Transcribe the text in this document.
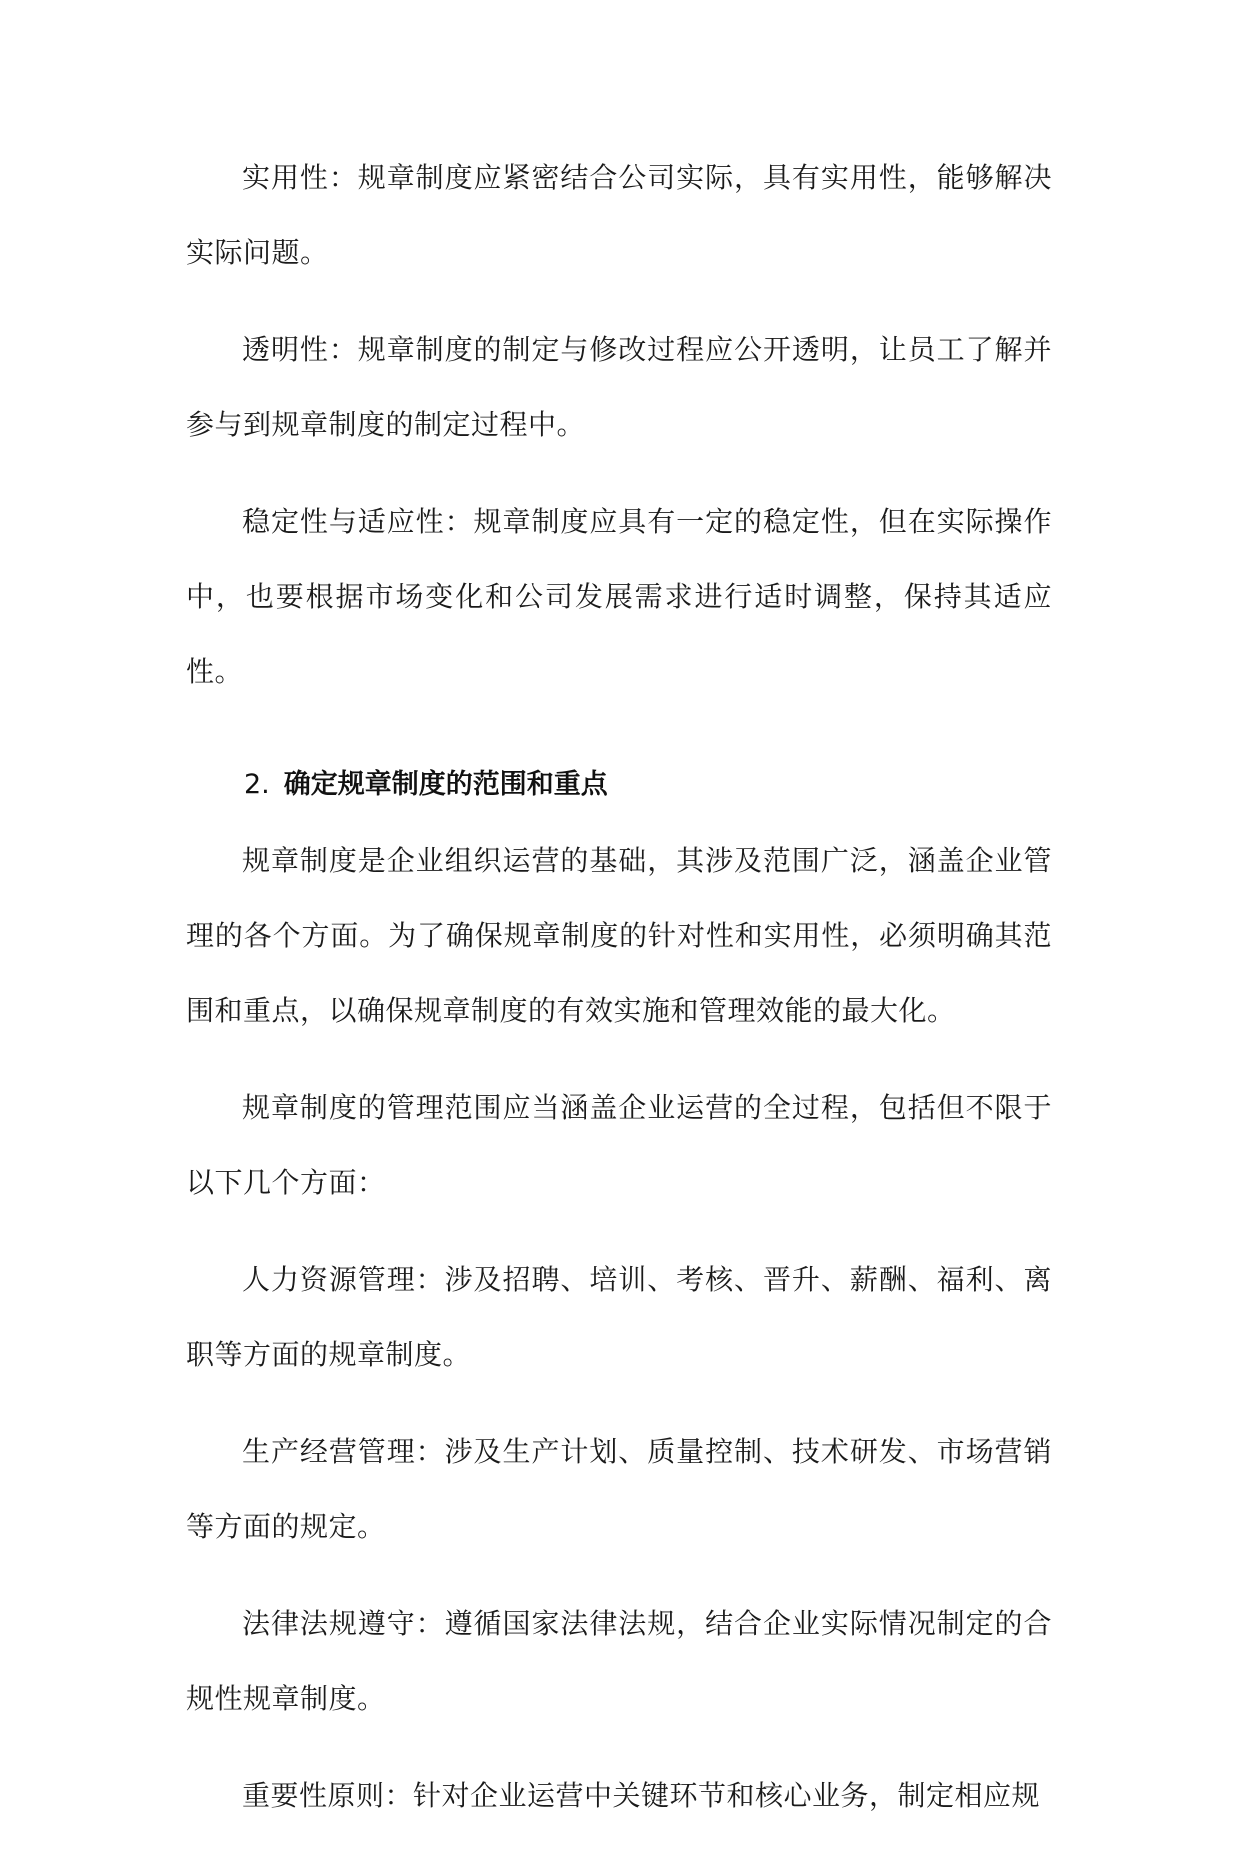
实用性：规章制度应紧密结合公司实际，具有实用性，能够解决实际问题。

透明性：规章制度的制定与修改过程应公开透明，让员工了解并参与到规章制度的制定过程中。

稳定性与适应性：规章制度应具有一定的稳定性，但在实际操作中，也要根据市场变化和公司发展需求进行适时调整，保持其适应性。

2. 确定规章制度的范围和重点

规章制度是企业组织运营的基础，其涉及范围广泛，涵盖企业管理的各个方面。为了确保规章制度的针对性和实用性，必须明确其范围和重点，以确保规章制度的有效实施和管理效能的最大化。

规章制度的管理范围应当涵盖企业运营的全过程，包括但不限于以下几个方面：

人力资源管理：涉及招聘、培训、考核、晋升、薪酬、福利、离职等方面的规章制度。

生产经营管理：涉及生产计划、质量控制、技术研发、市场营销等方面的规定。

法律法规遵守：遵循国家法律法规，结合企业实际情况制定的合规性规章制度。

重要性原则：针对企业运营中关键环节和核心业务，制定相应规
